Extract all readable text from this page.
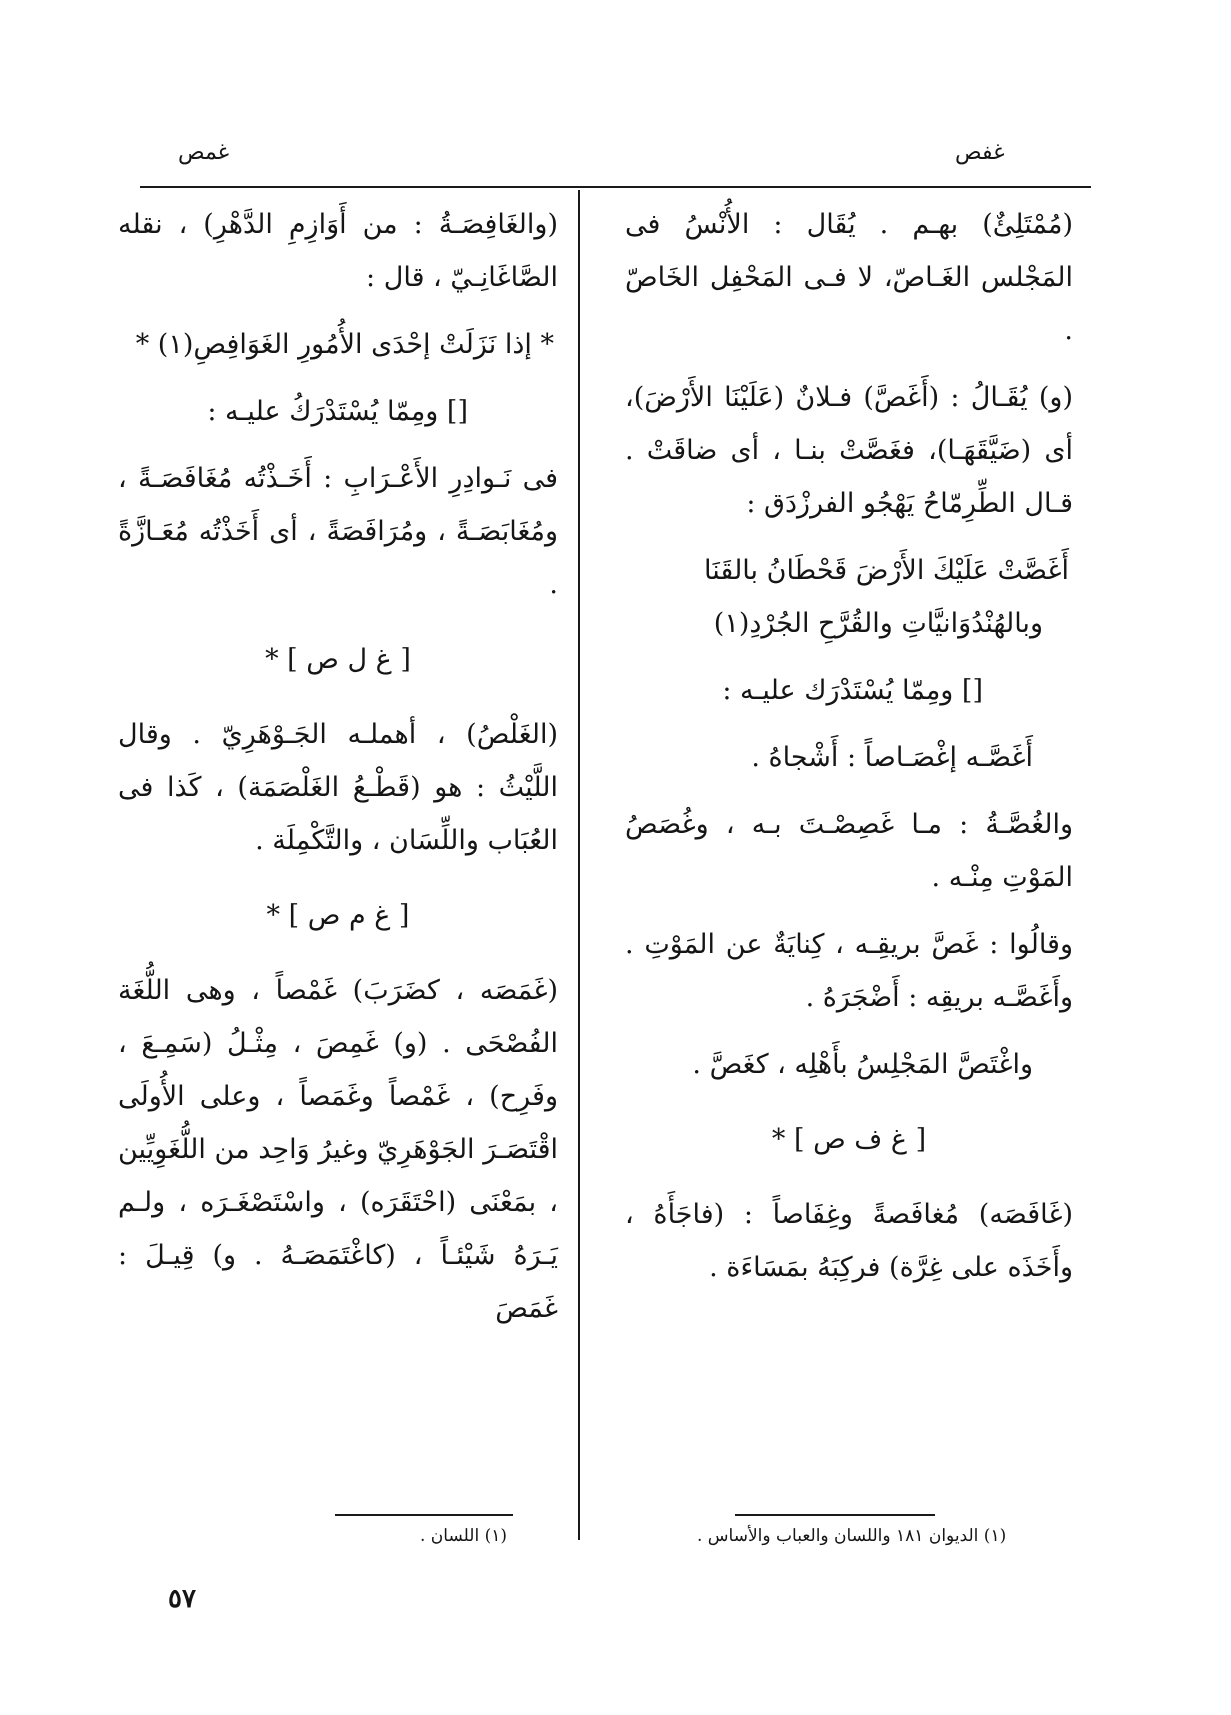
غفص
غمص

(مُمْتَلِئٌ) بهـم . يُقَال : الأُنْسُ فى المَجْلس الغَـاصّ، لا فـى المَحْفِل الخَاصّ .

(و) يُقَـالُ : (أَغَصَّ) فـلانٌ (عَلَيْنَا الأَرْضَ)، أى (ضَيَّقَهَـا)، فغَصَّتْ بنـا ، أى ضاقَتْ . قـال الطِّرِمّاحُ يَهْجُو الفرزْدَق :

أَغَصَّتْ عَلَيْكَ الأَرْضَ قَحْطَانُ بالقَنَا

وبالهُنْدُوَانيَّاتِ والقُرَّحِ الجُرْدِ(١)

[] ومِمّا يُسْتَدْرَك عليـه :

أَغَصَّـه إغْصَـاصاً : أَشْجاهُ .

والغُصَّـةُ : مـا غَصِصْـتَ بـه ، وغُصَصُ المَوْتِ مِنْـه .

وقالُوا : غَصَّ بريقِـه ، كِنايَةٌ عن المَوْتِ . وأَغَصَّـه بريقِه : أَضْجَرَهُ .

واغْتَصَّ المَجْلِسُ بأَهْلِه ، كغَصَّ .

[ غ ف ص ] *

(غَافَصَه) مُغافَصةً وغِفَاصاً : (فاجَأَهُ ، وأَخَذَه على غِرَّة) فركِبَهُ بمَسَاءَة .

(والغَافِصَـةُ : من أَوَازِمِ الدَّهْرِ) ، نقله الصَّاغَانِـيّ ، قال :

* إذا نَزَلَتْ إحْدَى الأُمُورِ الغَوَافِصِ(١) *

[] ومِمّا يُسْتَدْرَكُ عليـه :

فى نَـوادِرِ الأَعْـرَابِ : أَخَـذْتُه مُغَافَصَـةً ، ومُغَابَصَـةً ، ومُرَافَصَةً ، أى أَخَذْتُه مُعَـازَّةً .

[ غ ل ص ] *

(الغَلْصُ) ، أهملـه الجَـوْهَرِيّ . وقال اللَّيْثُ : هو (قَطْـعُ الغَلْصَمَة) ، كَذا فى العُبَاب واللِّسَان ، والتَّكْمِلَة .

[ غ م ص ] *

(غَمَصَه ، كضَرَبَ) غَمْصاً ، وهى اللُّغَة الفُصْحَى . (و) غَمِصَ ، مِثْـلُ (سَمِـعَ ، وفَرِح) ، غَمْصاً وغَمَصاً ، وعلى الأُولَى اقْتَصَـرَ الجَوْهَرِيّ وغيرُ وَاحِد من اللُّغَوِيِّين ، بمَعْنَى (احْتَقَرَه) ، واسْتَصْغَـرَه ، ولـم يَـرَهُ شَيْئـاً ، (كاغْتَمَصَـهُ . و) قِيـلَ : غَمَصَ

(١) الديوان ١٨١ واللسان والعباب والأساس .
(١) اللسان .
٥٧
